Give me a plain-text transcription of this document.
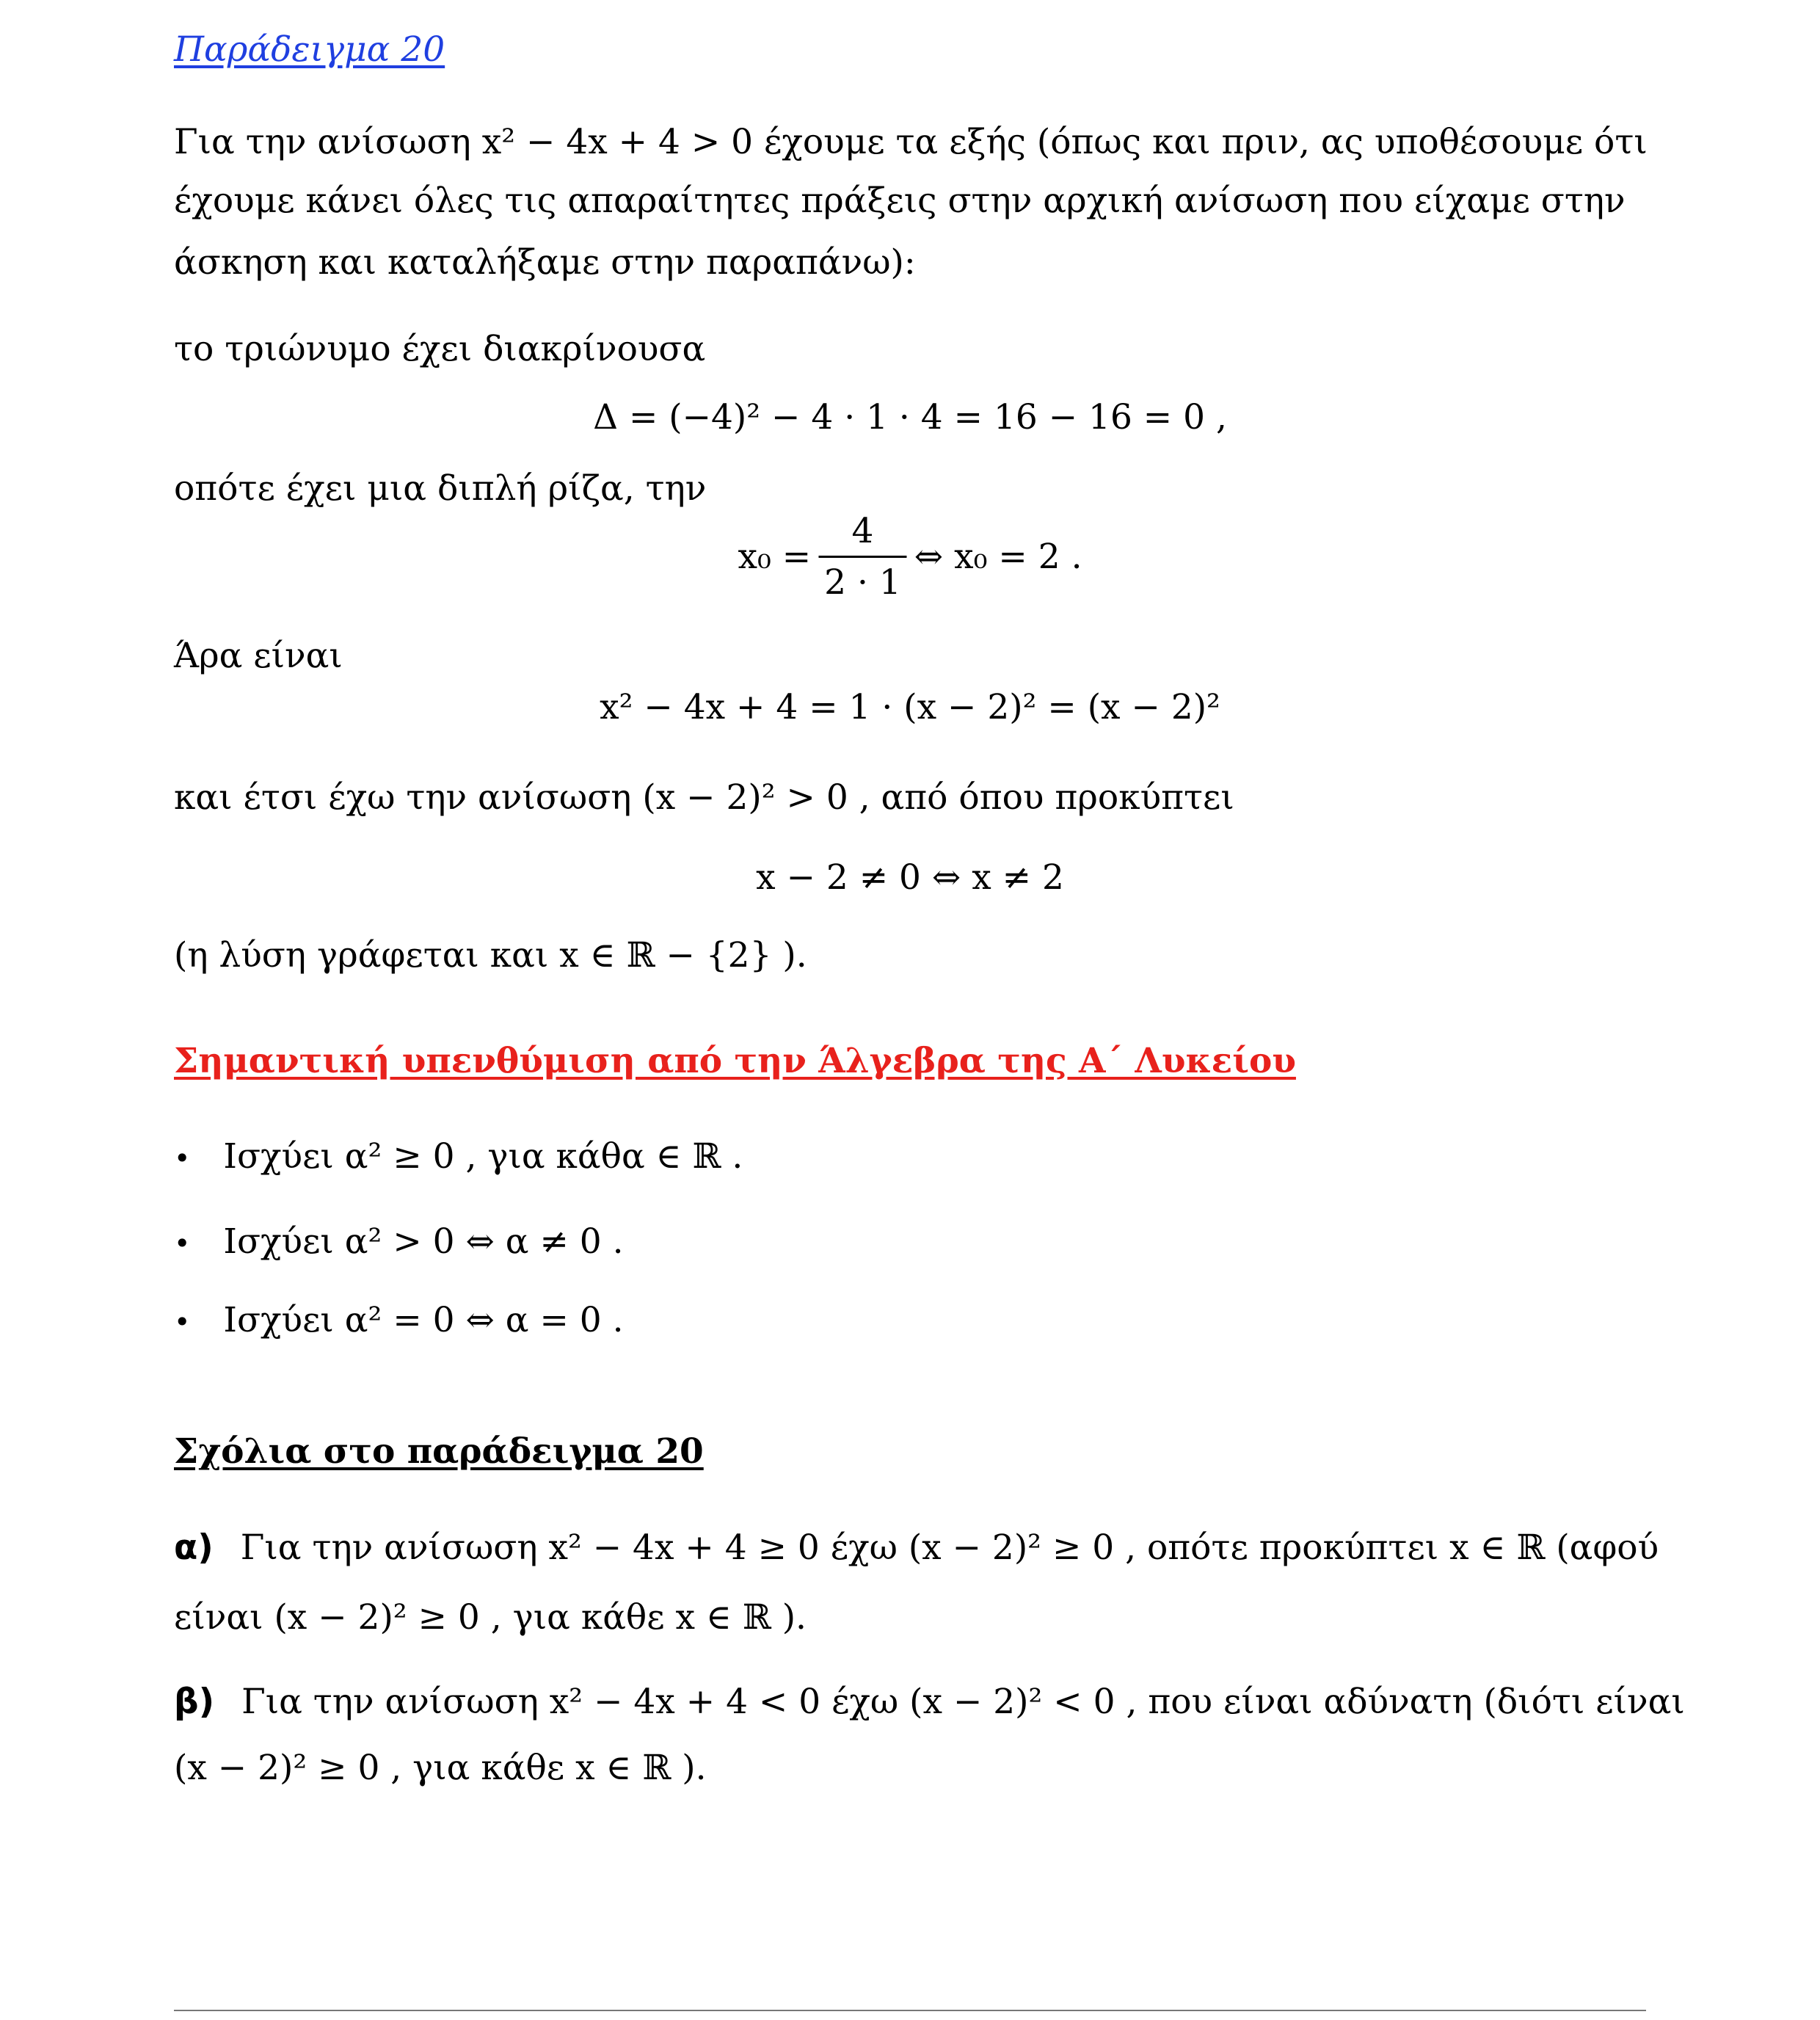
Παράδειγμα 20
Για την ανίσωση x² − 4x + 4 > 0 έχουμε τα εξής (όπως και πριν, ας υποθέσουμε ότι
έχουμε κάνει όλες τις απαραίτητες πράξεις στην αρχική ανίσωση που είχαμε στην
άσκηση και καταλήξαμε στην παραπάνω):
το τριώνυμο έχει διακρίνουσα
Δ = (−4)² − 4 · 1 · 4 = 16 − 16 = 0 ,
οπότε έχει μια διπλή ρίζα, την
$x_0 = \frac{4}{2 \cdot 1}$ ⇔ x₀ = 2 .
Άρα είναι
x² − 4x + 4 = 1 · (x − 2)² = (x − 2)²
και έτσι έχω την ανίσωση (x − 2)² > 0 , από όπου προκύπτει
x − 2 ≠ 0 ⇔ x ≠ 2
(η λύση γράφεται και x ∈ ℝ − {2} ).
Σημαντική υπενθύμιση από την Άλγεβρα της Α΄ Λυκείου
• Ισχύει α² ≥ 0 , για κάθα ∈ ℝ .
• Ισχύει α² > 0 ⇔ α ≠ 0 .
• Ισχύει α² = 0 ⇔ α = 0 .
Σχόλια στο παράδειγμα 20
α) Για την ανίσωση x² − 4x + 4 ≥ 0 έχω (x − 2)² ≥ 0 , οπότε προκύπτει x ∈ ℝ (αφού
είναι (x − 2)² ≥ 0 , για κάθε x ∈ ℝ ).
β) Για την ανίσωση x² − 4x + 4 < 0 έχω (x − 2)² < 0 , που είναι αδύνατη (διότι είναι
(x − 2)² ≥ 0 , για κάθε x ∈ ℝ ).
